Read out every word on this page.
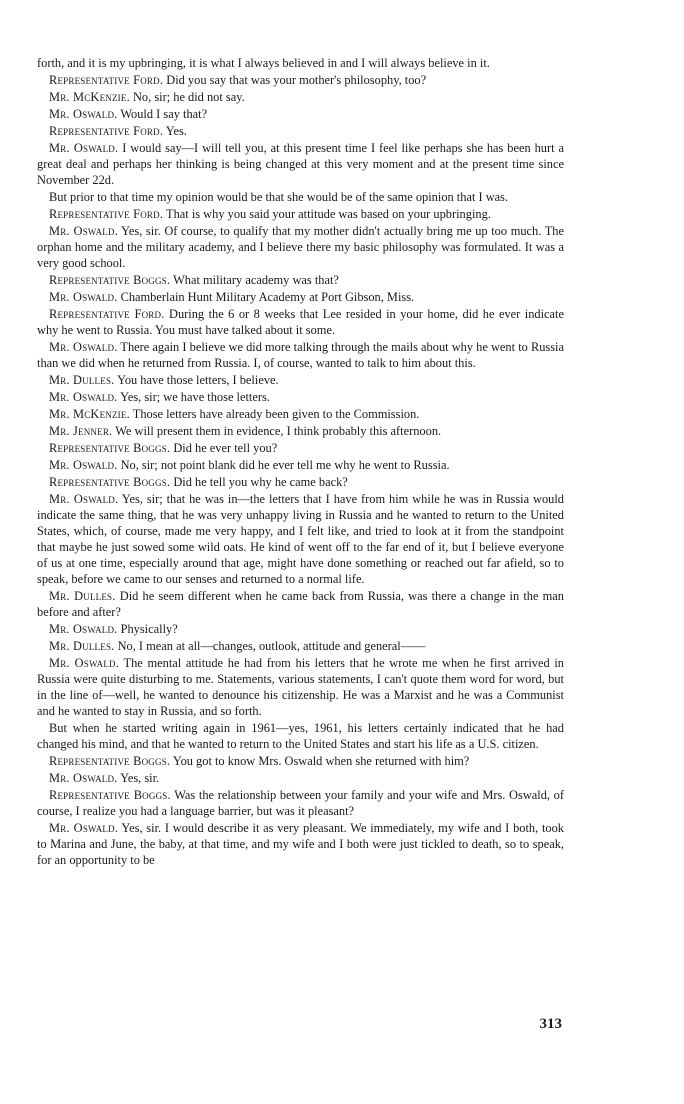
forth, and it is my upbringing, it is what I always believed in and I will always believe in it.

Representative Ford. Did you say that was your mother's philosophy, too?

Mr. McKenzie. No, sir; he did not say.

Mr. Oswald. Would I say that?

Representative Ford. Yes.

Mr. Oswald. I would say—I will tell you, at this present time I feel like perhaps she has been hurt a great deal and perhaps her thinking is being changed at this very moment and at the present time since November 22d.

But prior to that time my opinion would be that she would be of the same opinion that I was.

Representative Ford. That is why you said your attitude was based on your upbringing.

Mr. Oswald. Yes, sir. Of course, to qualify that my mother didn't actually bring me up too much. The orphan home and the military academy, and I believe there my basic philosophy was formulated. It was a very good school.

Representative Boggs. What military academy was that?

Mr. Oswald. Chamberlain Hunt Military Academy at Port Gibson, Miss.

Representative Ford. During the 6 or 8 weeks that Lee resided in your home, did he ever indicate why he went to Russia. You must have talked about it some.

Mr. Oswald. There again I believe we did more talking through the mails about why he went to Russia than we did when he returned from Russia. I, of course, wanted to talk to him about this.

Mr. Dulles. You have those letters, I believe.

Mr. Oswald. Yes, sir; we have those letters.

Mr. McKenzie. Those letters have already been given to the Commission.

Mr. Jenner. We will present them in evidence, I think probably this afternoon.

Representative Boggs. Did he ever tell you?

Mr. Oswald. No, sir; not point blank did he ever tell me why he went to Russia.

Representative Boggs. Did he tell you why he came back?

Mr. Oswald. Yes, sir; that he was in—the letters that I have from him while he was in Russia would indicate the same thing, that he was very unhappy living in Russia and he wanted to return to the United States, which, of course, made me very happy, and I felt like, and tried to look at it from the standpoint that maybe he just sowed some wild oats. He kind of went off to the far end of it, but I believe everyone of us at one time, especially around that age, might have done something or reached out far afield, so to speak, before we came to our senses and returned to a normal life.

Mr. Dulles. Did he seem different when he came back from Russia, was there a change in the man before and after?

Mr. Oswald. Physically?

Mr. Dulles. No, I mean at all—changes, outlook, attitude and general——

Mr. Oswald. The mental attitude he had from his letters that he wrote me when he first arrived in Russia were quite disturbing to me. Statements, various statements, I can't quote them word for word, but in the line of—well, he wanted to denounce his citizenship. He was a Marxist and he was a Communist and he wanted to stay in Russia, and so forth.

But when he started writing again in 1961—yes, 1961, his letters certainly indicated that he had changed his mind, and that he wanted to return to the United States and start his life as a U.S. citizen.

Representative Boggs. You got to know Mrs. Oswald when she returned with him?

Mr. Oswald. Yes, sir.

Representative Boggs. Was the relationship between your family and your wife and Mrs. Oswald, of course, I realize you had a language barrier, but was it pleasant?

Mr. Oswald. Yes, sir. I would describe it as very pleasant. We immediately, my wife and I both, took to Marina and June, the baby, at that time, and my wife and I both were just tickled to death, so to speak, for an opportunity to be

313
